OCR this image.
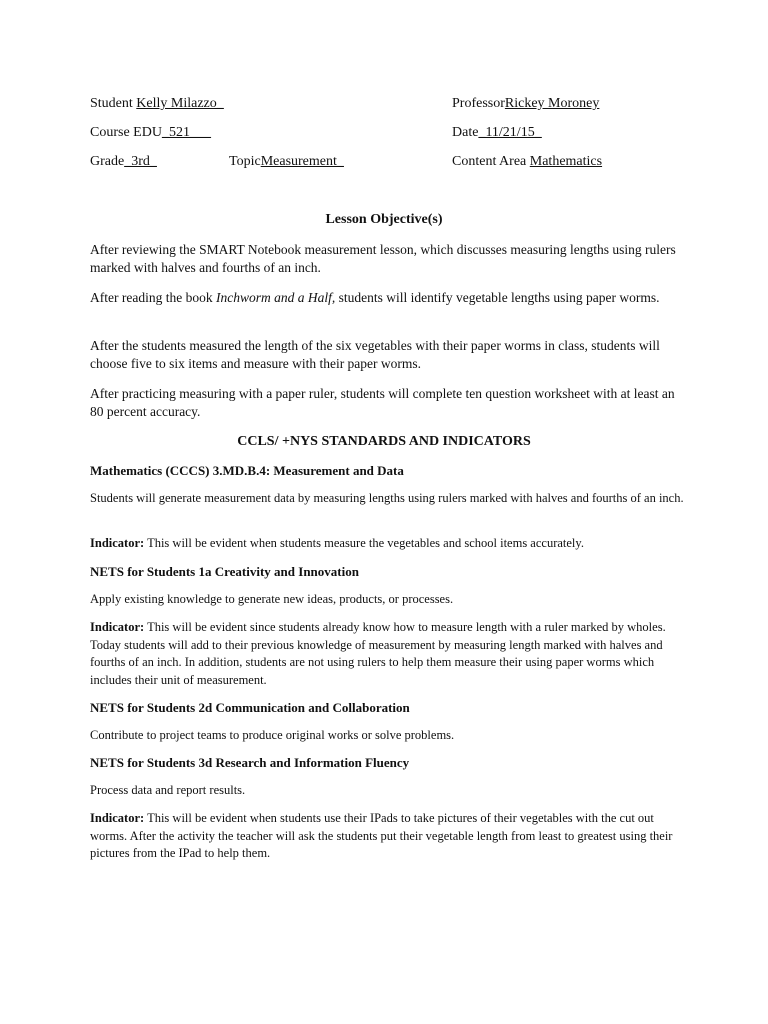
Student Kelly Milazzo_	ProfessorRickey Moroney
Course EDU_521___	Date_11/21/15_
Grade_3rd_	TopicMeasurement_	Content Area Mathematics
Lesson Objective(s)
After reviewing the SMART Notebook measurement lesson, which discusses measuring lengths using rulers marked with halves and fourths of an inch.
After reading the book Inchworm and a Half, students will identify vegetable lengths using paper worms.
After the students measured the length of the six vegetables with their paper worms in class, students will choose five to six items and measure with their paper worms.
After practicing measuring with a paper ruler, students will complete ten question worksheet with at least an 80 percent accuracy.
CCLS/ +NYS STANDARDS AND INDICATORS
Mathematics (CCCS) 3.MD.B.4: Measurement and Data
Students will generate measurement data by measuring lengths using rulers marked with halves and fourths of an inch.
Indicator: This will be evident when students measure the vegetables and school items accurately.
NETS for Students 1a Creativity and Innovation
Apply existing knowledge to generate new ideas, products, or processes.
Indicator: This will be evident since students already know how to measure length with a ruler marked by wholes. Today students will add to their previous knowledge of measurement by measuring length marked with halves and fourths of an inch. In addition, students are not using rulers to help them measure their using paper worms which includes their unit of measurement.
NETS for Students 2d Communication and Collaboration
Contribute to project teams to produce original works or solve problems.
NETS for Students 3d Research and Information Fluency
Process data and report results.
Indicator: This will be evident when students use their IPads to take pictures of their vegetables with the cut out worms. After the activity the teacher will ask the students put their vegetable length from least to greatest using their pictures from the IPad to help them.
